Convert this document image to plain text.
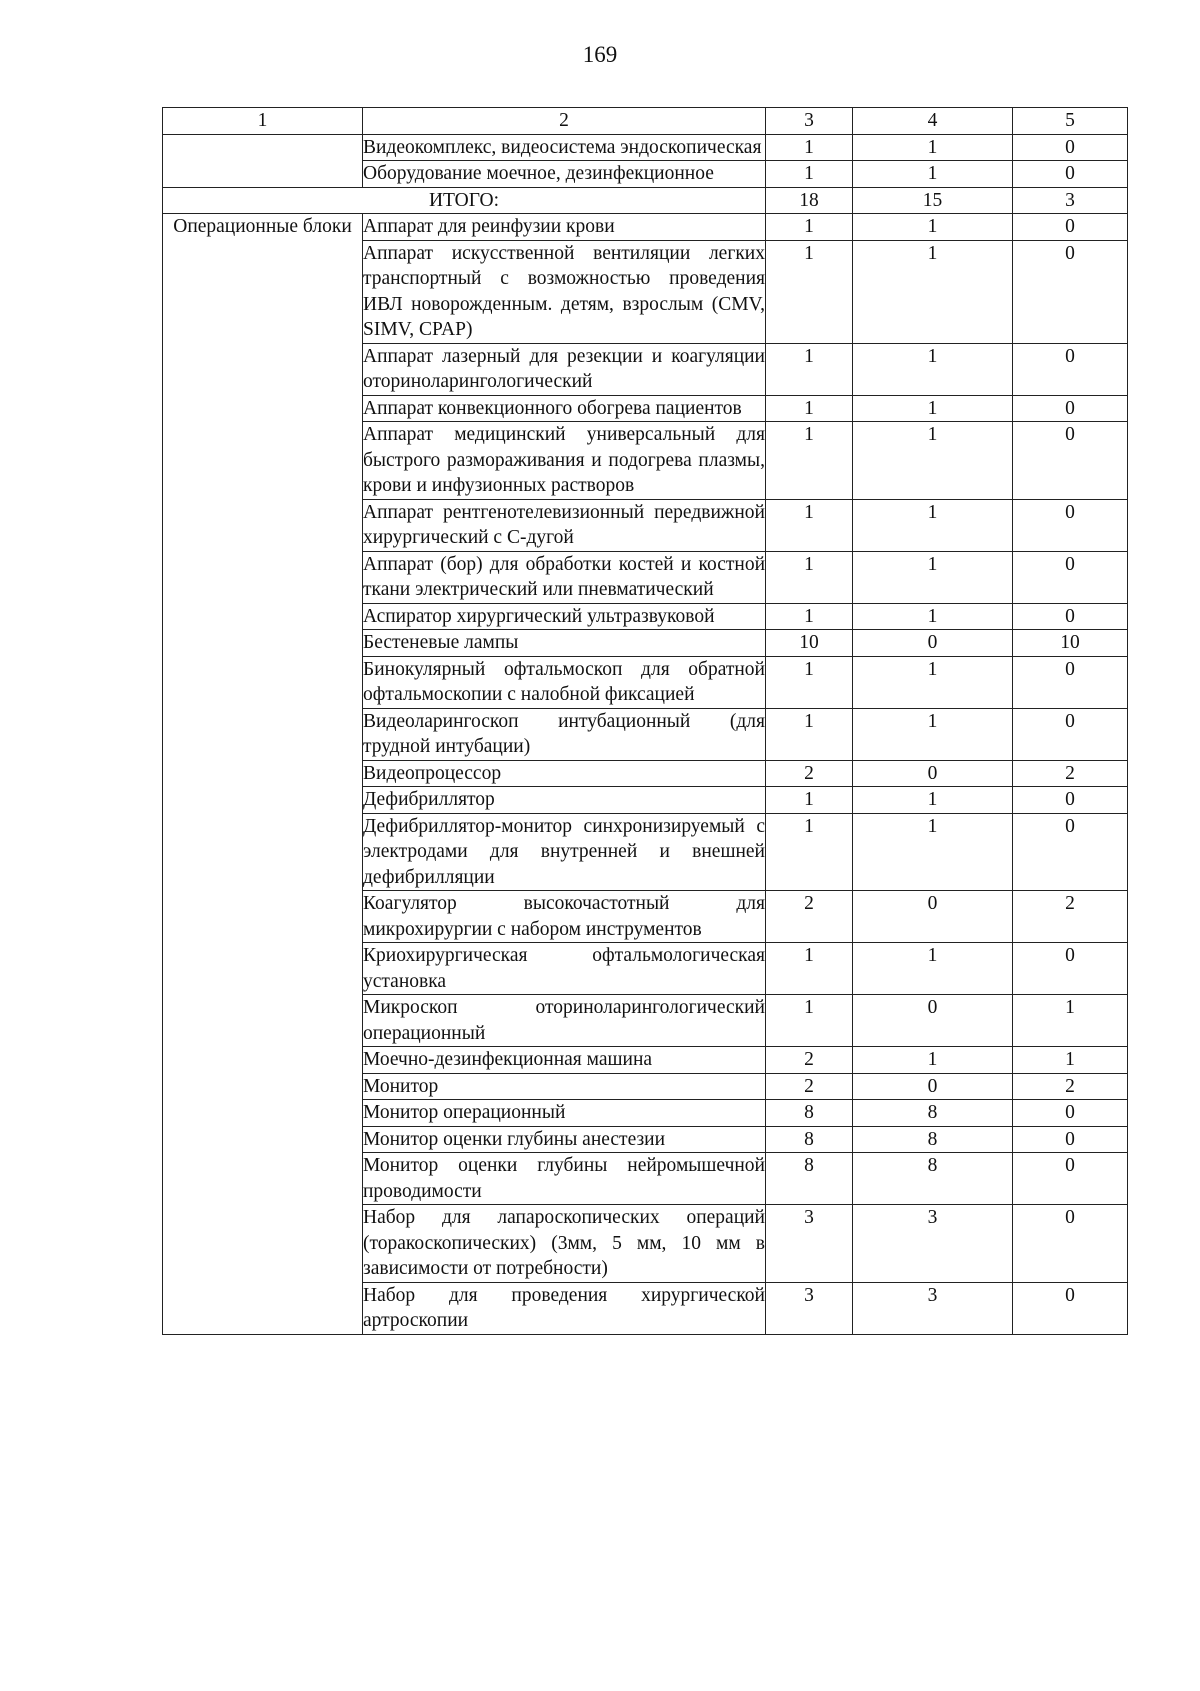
169
1	2	3	4	5
	Видеокомплекс, видеосистема эндоскопическая	1	1	0
	Оборудование моечное, дезинфекционное	1	1	0
ИТОГО:		18	15	3
Операционные блоки	Аппарат для реинфузии крови	1	1	0
	Аппарат искусственной вентиляции легких транспортный с возможностью проведения ИВЛ новорожденным. детям, взрослым (CMV, SIMV, CPAP)	1	1	0
	Аппарат лазерный для резекции и коагуляции оториноларингологический	1	1	0
	Аппарат конвекционного обогрева пациентов	1	1	0
	Аппарат медицинский универсальный для быстрого размораживания и подогрева плазмы, крови и инфузионных растворов	1	1	0
	Аппарат рентгенотелевизионный передвижной хирургический с С-дугой	1	1	0
	Аппарат (бор) для обработки костей и костной ткани электрический или пневматический	1	1	0
	Аспиратор хирургический ультразвуковой	1	1	0
	Бестеневые лампы	10	0	10
	Бинокулярный офтальмоскоп для обратной офтальмоскопии с налобной фиксацией	1	1	0
	Видеоларингоскоп интубационный (для трудной интубации)	1	1	0
	Видеопроцессор	2	0	2
	Дефибриллятор	1	1	0
	Дефибриллятор-монитор синхронизируемый с электродами для внутренней и внешней дефибрилляции	1	1	0
	Коагулятор высокочастотный для микрохирургии с набором инструментов	2	0	2
	Криохирургическая офтальмологическая установка	1	1	0
	Микроскоп оториноларингологический операционный	1	0	1
	Моечно-дезинфекционная машина	2	1	1
	Монитор	2	0	2
	Монитор операционный	8	8	0
	Монитор оценки глубины анестезии	8	8	0
	Монитор оценки глубины нейромышечной проводимости	8	8	0
	Набор для лапароскопических операций (торакоскопических) (3мм, 5 мм, 10 мм в зависимости от потребности)	3	3	0
	Набор для проведения хирургической артроскопии	3	3	0
